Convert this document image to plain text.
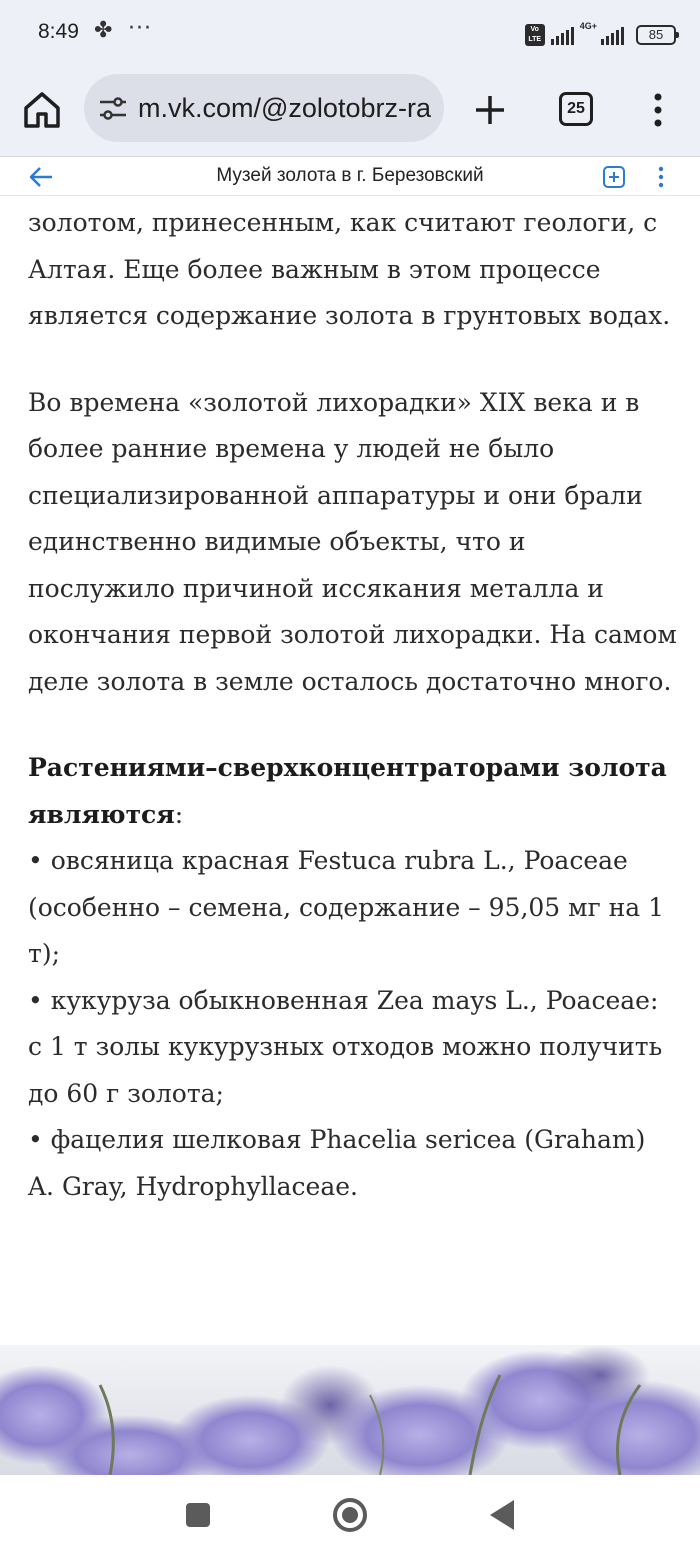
8:49 ✤ ···	Vo
LTE
4G+
85
m.vk.com/@zolotobrz-ra	25
Музей золота в г. Березовский

золотом, принесенным, как считают геологи, с Алтая. Еще более важным в этом процессе является содержание золота в грунтовых водах.

Во времена «золотой лихорадки» XIX века и в более ранние времена у людей не было специализированной аппаратуры и они брали единственно видимые объекты, что и послужило причиной иссякания металла и окончания первой золотой лихорадки. На самом деле золота в земле осталось достаточно много.

Растениями–сверхконцентраторами золота являются:

• овсяница красная Festuca rubra L., Poaceae (особенно – семена, содержание – 95,05 мг на 1 т);

• кукуруза обыкновенная Zea mays L., Poaceae: с 1 т золы кукурузных отходов можно получить до 60 г золота;

• фацелия шелковая Phacelia sericea (Graham) A. Gray, Hydrophyllaceae.
